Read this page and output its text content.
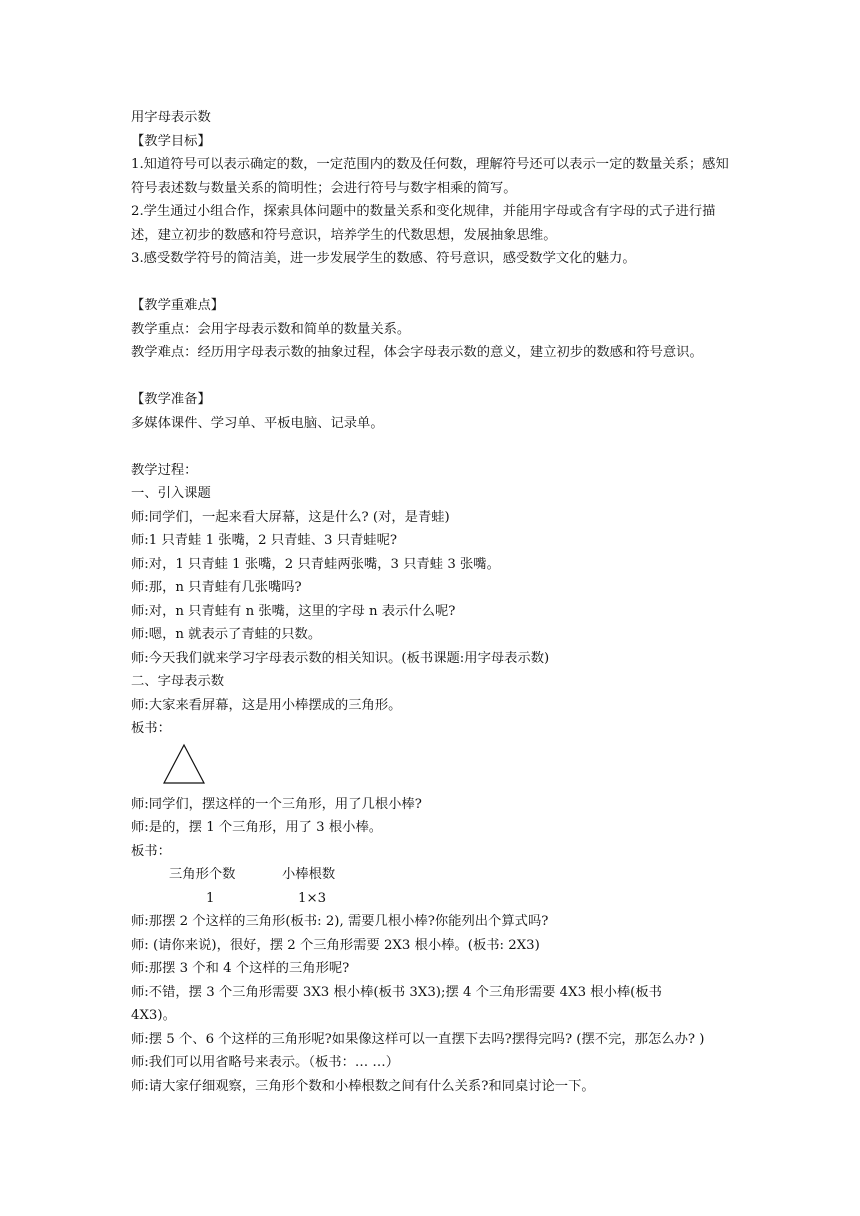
用字母表示数
【教学目标】
1.知道符号可以表示确定的数，一定范围内的数及任何数，理解符号还可以表示一定的数量关系；感知符号表述数与数量关系的简明性；会进行符号与数字相乘的简写。
2.学生通过小组合作，探索具体问题中的数量关系和变化规律，并能用字母或含有字母的式子进行描述，建立初步的数感和符号意识，培养学生的代数思想，发展抽象思维。
3.感受数学符号的简洁美，进一步发展学生的数感、符号意识，感受数学文化的魅力。
【教学重难点】
教学重点：会用字母表示数和简单的数量关系。
教学难点：经历用字母表示数的抽象过程，体会字母表示数的意义，建立初步的数感和符号意识。
【教学准备】
多媒体课件、学习单、平板电脑、记录单。
教学过程：
一、引入课题
师:同学们，一起来看大屏幕，这是什么? (对，是青蛙)
师:1 只青蛙 1 张嘴，2 只青蛙、3 只青蛙呢?
师:对，1 只青蛙 1 张嘴，2 只青蛙两张嘴，3 只青蛙 3 张嘴。
师:那，n 只青蛙有几张嘴吗?
师:对，n 只青蛙有 n 张嘴，这里的字母 n 表示什么呢?
师:嗯，n 就表示了青蛙的只数。
师:今天我们就来学习字母表示数的相关知识。(板书课题:用字母表示数)
二、字母表示数
师:大家来看屏幕，这是用小棒摆成的三角形。
板书：
师:同学们，摆这样的一个三角形，用了几根小棒?
师:是的，摆 1 个三角形，用了 3 根小棒。
板书：
三角形个数	小棒根数
1	1×3
师:那摆 2 个这样的三角形(板书: 2), 需要几根小棒?你能列出个算式吗?
师: (请你来说)，很好，摆 2 个三角形需要 2X3 根小棒。(板书: 2X3)
师:那摆 3 个和 4 个这样的三角形呢?
师:不错，摆 3 个三角形需要 3X3 根小棒(板书 3X3);摆 4 个三角形需要 4X3 根小棒(板书 4X3)。
师:摆 5 个、6 个这样的三角形呢?如果像这样可以一直摆下去吗?摆得完吗? (摆不完，那怎么办? )
师:我们可以用省略号来表示。（板书：… …）
师:请大家仔细观察，三角形个数和小棒根数之间有什么关系?和同桌讨论一下。
